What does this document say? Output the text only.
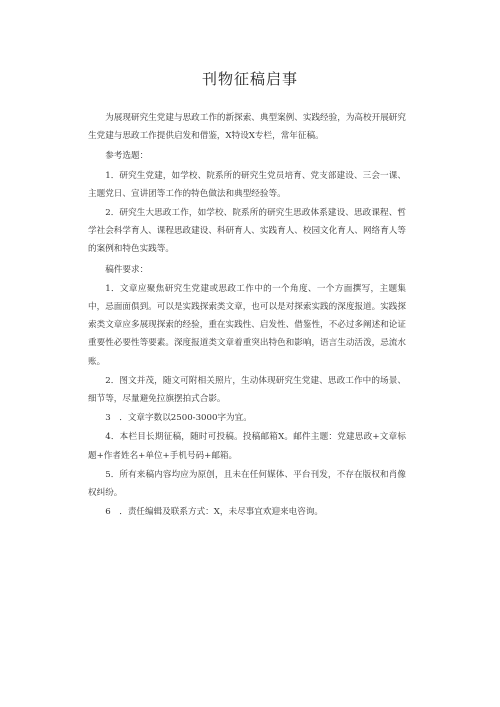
刊物征稿启事

为展现研究生党建与思政工作的新探索、典型案例、实践经验，为高校开展研究生党建与思政工作提供启发和借鉴，X特设X专栏，常年征稿。

参考选题：

1．研究生党建，如学校、院系所的研究生党员培育、党支部建设、三会一课、主题党日、宣讲团等工作的特色做法和典型经验等。

2．研究生大思政工作，如学校、院系所的研究生思政体系建设、思政课程、哲学社会科学育人、课程思政建设、科研育人、实践育人、校园文化育人、网络育人等的案例和特色实践等。

稿件要求：

1．文章应聚焦研究生党建或思政工作中的一个角度、一个方面撰写，主题集中，忌面面俱到。可以是实践探索类文章，也可以是对探索实践的深度报道。实践探索类文章应多展现探索的经验，重在实践性、启发性、借鉴性，不必过多阐述和论证重要性必要性等要素。深度报道类文章着重突出特色和影响，语言生动活泼，忌流水账。

2．图文并茂，随文可附相关照片，生动体现研究生党建、思政工作中的场景、细节等，尽量避免拉旗摆拍式合影。

3　．文章字数以2500-3000字为宜。

4．本栏目长期征稿，随时可投稿。投稿邮箱X。邮件主题：党建思政+文章标题+作者姓名+单位+手机号码+邮箱。

5．所有来稿内容均应为原创，且未在任何媒体、平台刊发，不存在版权和肖像权纠纷。

6　．责任编辑及联系方式：X，未尽事宜欢迎来电咨询。
